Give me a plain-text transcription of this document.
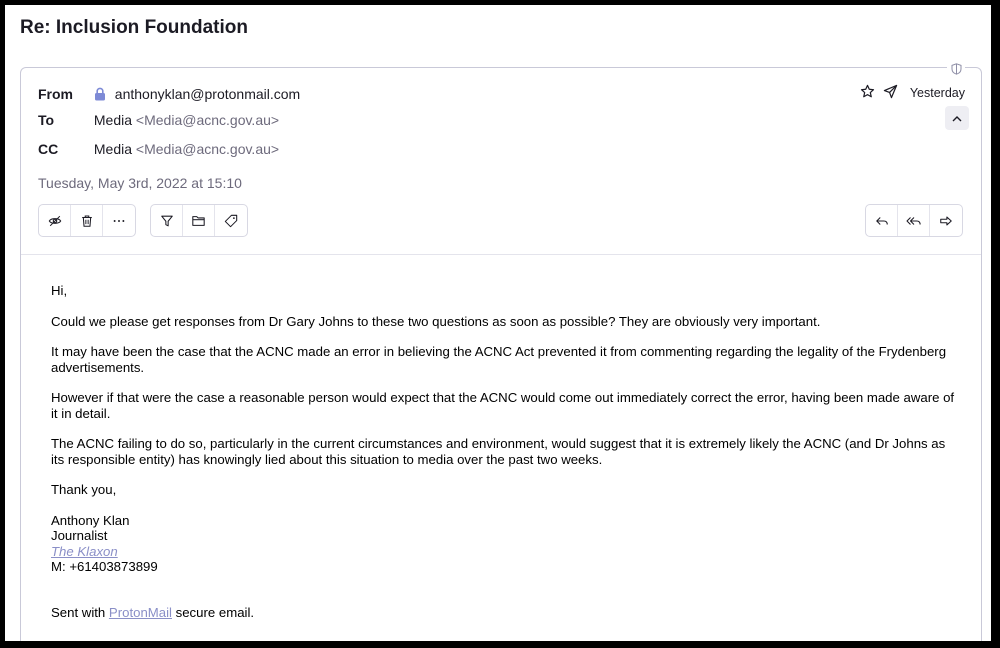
Re: Inclusion Foundation
From	anthonyklan@protonmail.com
To	Media <Media@acnc.gov.au>
CC	Media <Media@acnc.gov.au>
Tuesday, May 3rd, 2022 at 15:10
Yesterday

Hi,

Could we please get responses from Dr Gary Johns to these two questions as soon as possible? They are obviously very important.

It may have been the case that the ACNC made an error in believing the ACNC Act prevented it from commenting regarding the legality of the Frydenberg advertisements.

However if that were the case a reasonable person would expect that the ACNC would come out immediately correct the error, having been made aware of it in detail.

The ACNC failing to do so, particularly in the current circumstances and environment, would suggest that it is extremely likely the ACNC (and Dr Johns as its responsible entity) has knowingly lied about this situation to media over the past two weeks.

Thank you,

Anthony Klan
Journalist
The Klaxon
M: +61403873899

Sent with ProtonMail secure email.
